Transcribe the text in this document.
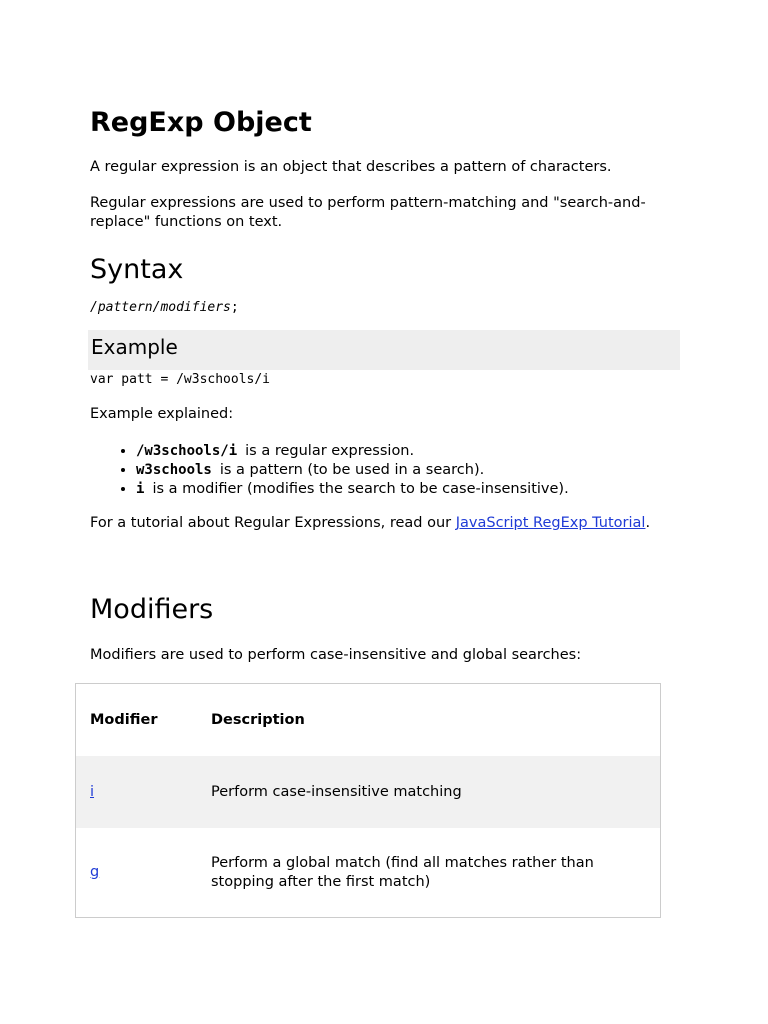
RegExp Object

A regular expression is an object that describes a pattern of characters.

Regular expressions are used to perform pattern-matching and "search-and-replace" functions on text.

Syntax

/pattern/modifiers;

Example

var patt = /w3schools/i

Example explained:

• /w3schools/i is a regular expression.
• w3schools is a pattern (to be used in a search).
• i is a modifier (modifies the search to be case-insensitive).

For a tutorial about Regular Expressions, read our JavaScript RegExp Tutorial.

Modifiers

Modifiers are used to perform case-insensitive and global searches:

Modifier	Description
i	Perform case-insensitive matching
g	Perform a global match (find all matches rather than stopping after the first match)
